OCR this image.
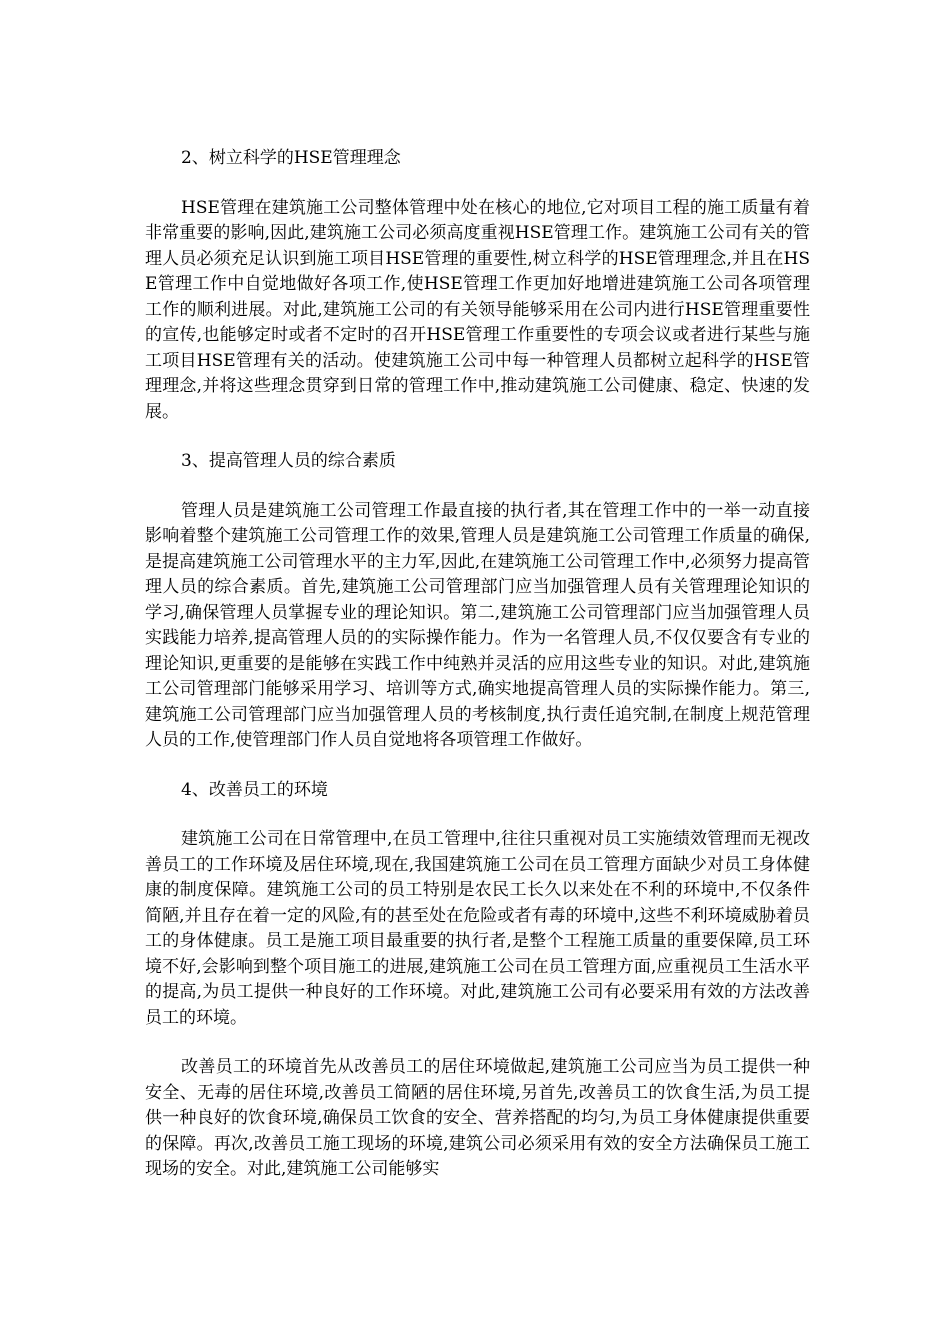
2、树立科学的HSE管理理念

HSE管理在建筑施工公司整体管理中处在核心的地位,它对项目工程的施工质量有着非常重要的影响,因此,建筑施工公司必须高度重视HSE管理工作。建筑施工公司有关的管理人员必须充足认识到施工项目HSE管理的重要性,树立科学的HSE管理理念,并且在HSE管理工作中自觉地做好各项工作,使HSE管理工作更加好地增进建筑施工公司各项管理工作的顺利进展。对此,建筑施工公司的有关领导能够采用在公司内进行HSE管理重要性的宣传,也能够定时或者不定时的召开HSE管理工作重要性的专项会议或者进行某些与施工项目HSE管理有关的活动。使建筑施工公司中每一种管理人员都树立起科学的HSE管理理念,并将这些理念贯穿到日常的管理工作中,推动建筑施工公司健康、稳定、快速的发展。

3、提高管理人员的综合素质

管理人员是建筑施工公司管理工作最直接的执行者,其在管理工作中的一举一动直接影响着整个建筑施工公司管理工作的效果,管理人员是建筑施工公司管理工作质量的确保,是提高建筑施工公司管理水平的主力军,因此,在建筑施工公司管理工作中,必须努力提高管理人员的综合素质。首先,建筑施工公司管理部门应当加强管理人员有关管理理论知识的学习,确保管理人员掌握专业的理论知识。第二,建筑施工公司管理部门应当加强管理人员实践能力培养,提高管理人员的的实际操作能力。作为一名管理人员,不仅仅要含有专业的理论知识,更重要的是能够在实践工作中纯熟并灵活的应用这些专业的知识。对此,建筑施工公司管理部门能够采用学习、培训等方式,确实地提高管理人员的实际操作能力。第三,建筑施工公司管理部门应当加强管理人员的考核制度,执行责任追究制,在制度上规范管理人员的工作,使管理部门作人员自觉地将各项管理工作做好。

4、改善员工的环境

建筑施工公司在日常管理中,在员工管理中,往往只重视对员工实施绩效管理而无视改善员工的工作环境及居住环境,现在,我国建筑施工公司在员工管理方面缺少对员工身体健康的制度保障。建筑施工公司的员工特别是农民工长久以来处在不利的环境中,不仅条件简陋,并且存在着一定的风险,有的甚至处在危险或者有毒的环境中,这些不利环境威胁着员工的身体健康。员工是施工项目最重要的执行者,是整个工程施工质量的重要保障,员工环境不好,会影响到整个项目施工的进展,建筑施工公司在员工管理方面,应重视员工生活水平的提高,为员工提供一种良好的工作环境。对此,建筑施工公司有必要采用有效的方法改善员工的环境。

改善员工的环境首先从改善员工的居住环境做起,建筑施工公司应当为员工提供一种安全、无毒的居住环境,改善员工简陋的居住环境,另首先,改善员工的饮食生活,为员工提供一种良好的饮食环境,确保员工饮食的安全、营养搭配的均匀,为员工身体健康提供重要的保障。再次,改善员工施工现场的环境,建筑公司必须采用有效的安全方法确保员工施工现场的安全。对此,建筑施工公司能够实
